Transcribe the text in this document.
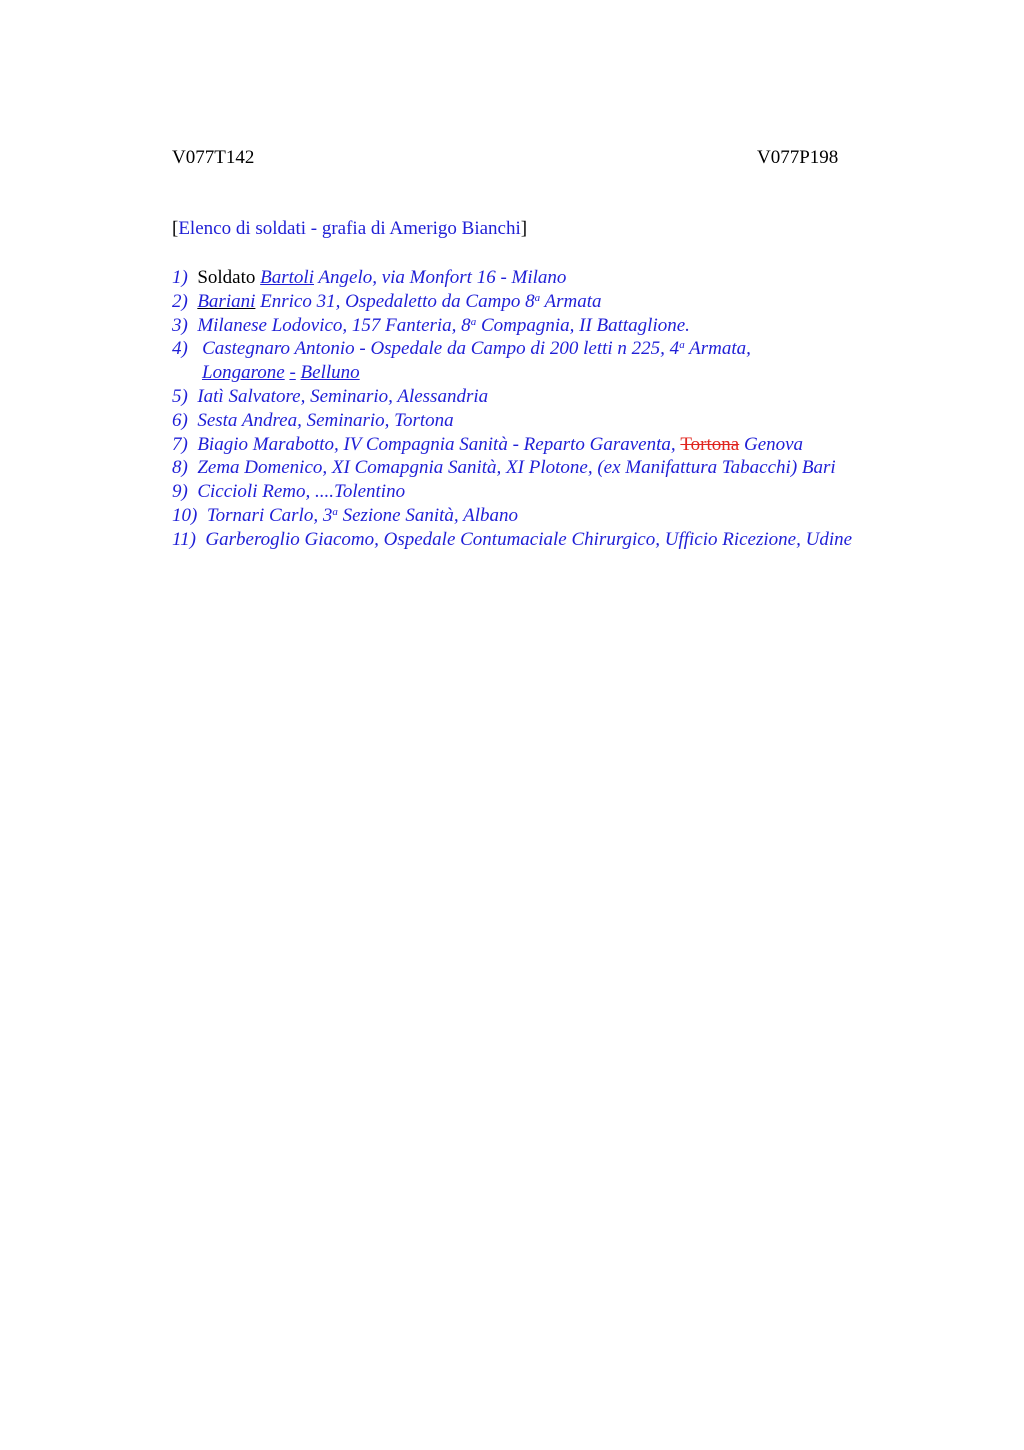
V077T142	V077P198
[Elenco di soldati - grafia di Amerigo Bianchi]
1) Soldato Bartoli Angelo, via Monfort 16 - Milano
2) Bariani Enrico 31, Ospedaletto da Campo 8$^a$ Armata
3) Milanese Lodovico, 157 Fanteria, 8$^a$ Compagnia, II Battaglione.
4) Castegnaro Antonio - Ospedale da Campo di 200 letti n 225, 4$^a$ Armata,
Longarone - Belluno
5) Iatì Salvatore, Seminario, Alessandria
6) Sesta Andrea, Seminario, Tortona
7) Biagio Marabotto, IV Compagnia Sanità - Reparto Garaventa, Tortona Genova
8) Zema Domenico, XI Comapgnia Sanità, XI Plotone, (ex Manifattura Tabacchi) Bari
9) Ciccioli Remo, ....Tolentino
10) Tornari Carlo, 3$^a$ Sezione Sanità, Albano
11) Garberoglio Giacomo, Ospedale Contumaciale Chirurgico, Ufficio Ricezione, Udine
